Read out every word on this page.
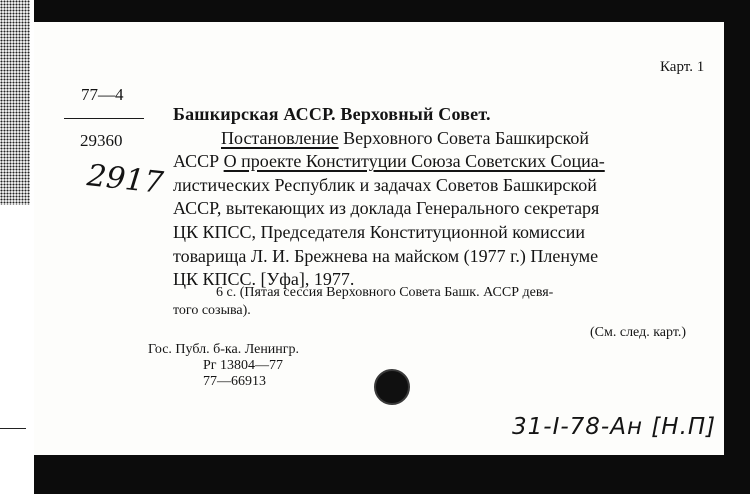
Карт. 1
77—4
29360
2917
Башкирская АССР. Верховный Совет.
Постановление Верховного Совета Башкирской
АССР О проекте Конституции Союза Советских Социа-
листических Республик и задачах Советов Башкирской
АССР, вытекающих из доклада Генерального секретаря
ЦК КПСС, Председателя Конституционной комиссии
товарища Л. И. Брежнева на майском (1977 г.) Пленуме
ЦК КПСС. [Уфа], 1977.
6 с. (Пятая сессия Верховного Совета Башк. АССР девя-
того созыва).
(См. след. карт.)
Гос. Публ. б-ка. Ленингр.
Рг 13804—77
77—66913
31-I-78-Ан [Н.П]
